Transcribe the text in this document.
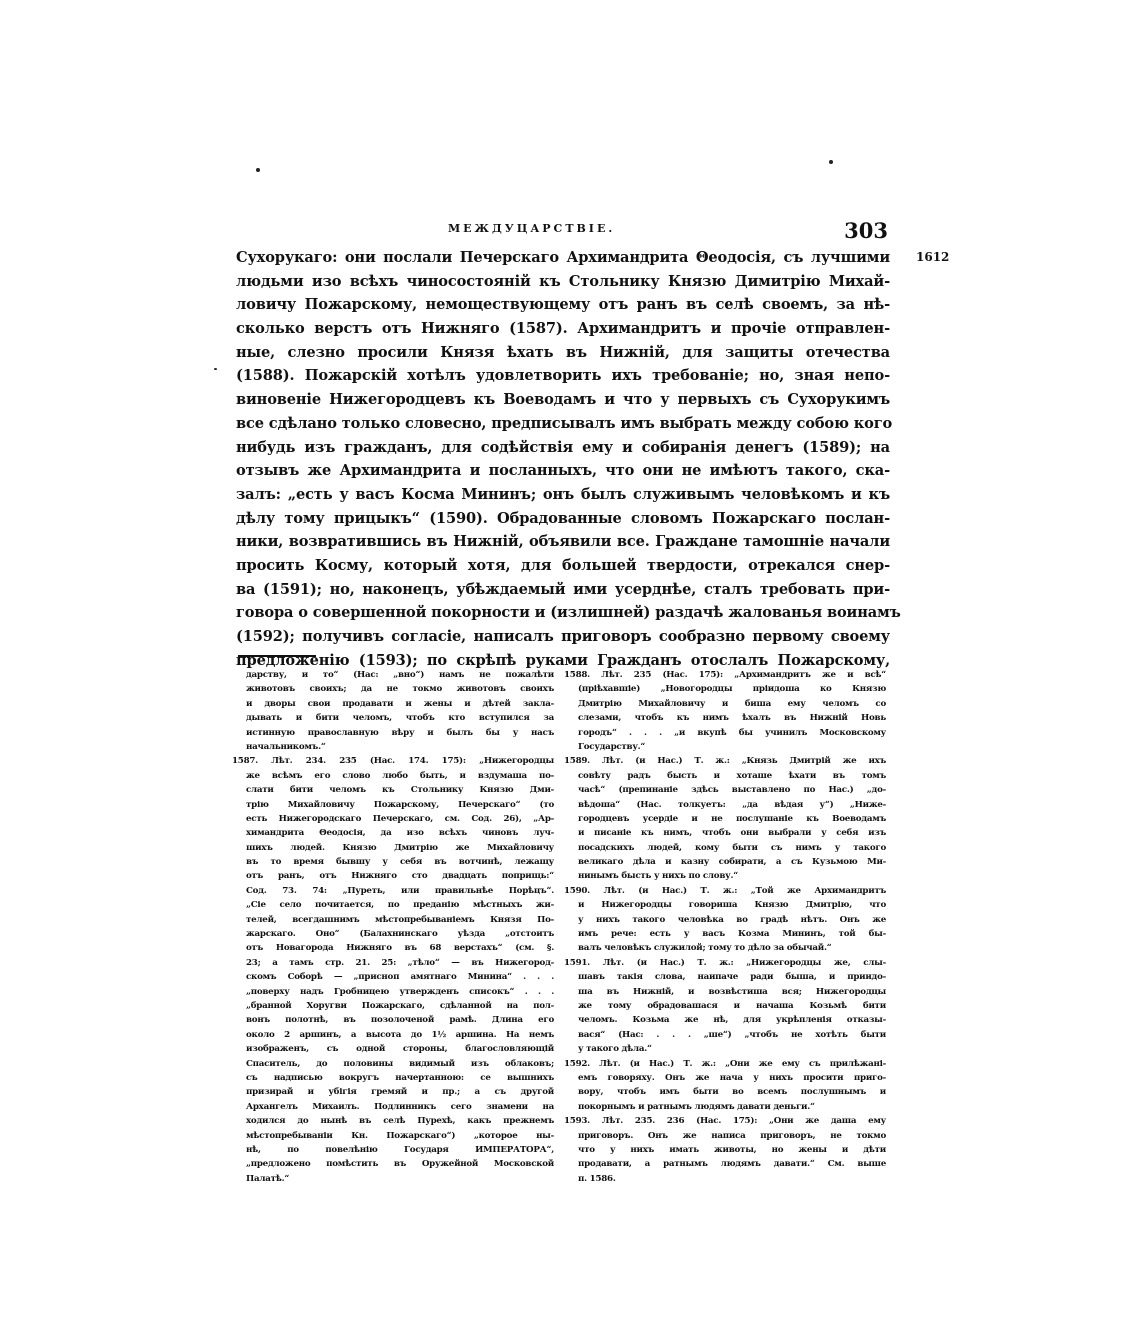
МЕЖДУЦАРСТВІЕ.	303
1612
Сухорукаго: они послали Печерскаго Архимандрита Θеодосія, съ лучшими
людьми изо всѣхъ чиносостояній къ Стольнику Князю Димитрію Михай-
ловичу Пожарскому, немоществующему отъ ранъ въ селѣ своемъ, за нѣ-
сколько верстъ отъ Нижняго (1587). Архимандритъ и прочіе отправлен-
ные, слезно просили Князя ѣхать въ Нижній, для защиты отечества
(1588). Пожарскій хотѣлъ удовлетворить ихъ требованіе; но, зная непо-
виновеніе Нижегородцевъ къ Воеводамъ и что у первыхъ съ Сухорукимъ
все сдѣлано только словесно, предписывалъ имъ выбрать между собою кого
нибудь изъ гражданъ, для содѣйствія ему и собиранія денегъ (1589); на
отзывъ же Архимандрита и посланныхъ, что они не имѣютъ такого, ска-
залъ: „есть у васъ Косма Мининъ; онъ былъ служивымъ человѣкомъ и къ
дѣлу тому прицыкъ“ (1590). Обрадованные словомъ Пожарскаго послан-
ники, возвратившись въ Нижній, объявили все. Граждане тамошніе начали
просить Косму, который хотя, для большей твердости, отрекался снер-
ва (1591); но, наконецъ, убѣждаемый ими усерднѣе, сталъ требовать при-
говора о совершенной покорности и (излишней) раздачѣ жалованья воинамъ
(1592); получивъ согласіе, написалъ приговоръ сообразно первому своему
предложенію (1593); по скрѣпѣ руками Гражданъ отослалъ Пожарскому,
дарству, и то“ (Нас: „вно“) намъ не пожалѣти
животовъ своихъ; да не токмо животовъ своихъ
и дворы свои продавати и жены и дѣтей закла-
дывать и бити челомъ, чтобъ кто вступился за
истинную православную вѣру и былъ бы у насъ
начальникомъ.“
1587. Лѣт. 234. 235 (Нас. 174. 175): „Нижегородцы
же всѣмъ его слово любо быть, и вздумаша по-
слати бити челомъ къ Стольнику Князю Дми-
трію Михайловичу Пожарскому, Печерскаго“ (то
есть Нижегородскаго Печерскаго, см. Сод. 26), „Ар-
химандрита Θеодосія, да изо всѣхъ чиновъ луч-
шихъ людей. Князю Дмитрію же Михайловичу
въ то время бывшу у себя въ вотчинѣ, лежащу
отъ ранъ, отъ Нижняго сто двадцать поприщь:“
Сод. 73. 74: „Пуреть, или правильнѣе Порѣцъ“.
„Сіе село почитается, по преданію мѣстныхъ жи-
телей, всегдашнимъ мѣстопребываніемъ Князя По-
жарскаго. Оно“ (Балахнинскаго уѣзда „отстоитъ
отъ Новагорода Нижняго въ 68 верстахъ“ (см. §.
23; а тамъ стр. 21. 25: „тѣло“ — въ Нижегород-
скомъ Соборѣ — „присноп амятнаго Минина“ . . .
„поверху надъ Гробницею утвержденъ списокъ“ . . .
„бранной Хоругви Пожарскаго, сдѣланной на пол-
вонъ полотнѣ, въ позолоченой рамѣ. Длина его
около 2 аршинъ, а высота до 1½ аршина. На немъ
изображенъ, съ одной стороны, благословляющій
Спаситель, до половины видимый изъ облаковъ;
съ надписью вокругъ начертанною: се вышнихъ
призирай и убігія гремяй и пр.; а съ другой
Архангелъ Михаилъ. Подлинникъ сего знамени на
ходился до нынѣ въ селѣ Пурехѣ, какъ прежнемъ
мѣстопребываніи Кн. Пожарскаго“) „которое ны-
нѣ, по повелѣнію Государя ИМПЕРАТОРА“,
„предложено помѣстить въ Оружейной Московской
Палатѣ.“
1588. Лѣт. 235 (Нас. 175): „Архимандритъ же и всѣ“
(пріѣхавшіе) „Новогородцы пріидоша ко Князю
Дмитрію Михайловичу и биша ему челомъ со
слезами, чтобъ къ нимъ ѣхалъ въ Нижній Новь
городъ“ . . . „и вкупѣ бы учинилъ Московскому
Государству.“
1589. Лѣт. (и Нас.) Т. ж.: „Князь Дмитрій же ихъ
совѣту радъ бысть и хоташе ѣхати въ томъ
часѣ“ (препинаніе здѣсь выставлено по Нас.) „до-
вѣдоша“ (Нас. толкуетъ: „да вѣдая у“) „Ниже-
городцевъ усердіе и не послушаніе къ Воеводамъ
и писаніе къ нимъ, чтобъ они выбрали у себя изъ
посадскихъ людей, кому быти съ нимъ у такого
великаго дѣла и казну собирати, а съ Кузьмою Ми-
нинымъ бысть у нихъ по слову.“
1590. Лѣт. (и Нас.) Т. ж.: „Той же Архимандритъ
и Нижегородцы говориша Князю Дмитрію, что
у нихъ такого человѣка во градѣ нѣтъ. Онъ же
имъ рече: есть у васъ Козма Мининъ, той бы-
валъ человѣкъ служилой; тому то дѣло за обычай.“
1591. Лѣт. (и Нас.) Т. ж.: „Нижегородцы же, слы-
шавъ такія слова, наипаче ради быша, и приидо-
ша въ Нижній, и возвѣстиша вся; Нижегородцы
же тому обрадовашася и начаша Козьмѣ бити
челомъ. Козьма же нѣ, для укрѣпленія отказы-
вася“ (Нас: . . . „ше“) „чтобъ не хотѣть быти
у такого дѣла.“
1592. Лѣт. (и Нас.) Т. ж.: „Они же ему съ прилѣжані-
емъ говоряху. Онъ же нача у нихъ просити приго-
вору, чтобъ имъ быти во всемъ послушнымъ и
покорнымъ и ратнымъ людямъ давати деньги.“
1593. Лѣт. 235. 236 (Нас. 175): „Они же даша ему
приговоръ. Онъ же написа приговоръ, не токмо
что у нихъ имать животы, но жены и дѣти
продавати, а ратнымъ людямъ давати.“ См. выше
п. 1586.
